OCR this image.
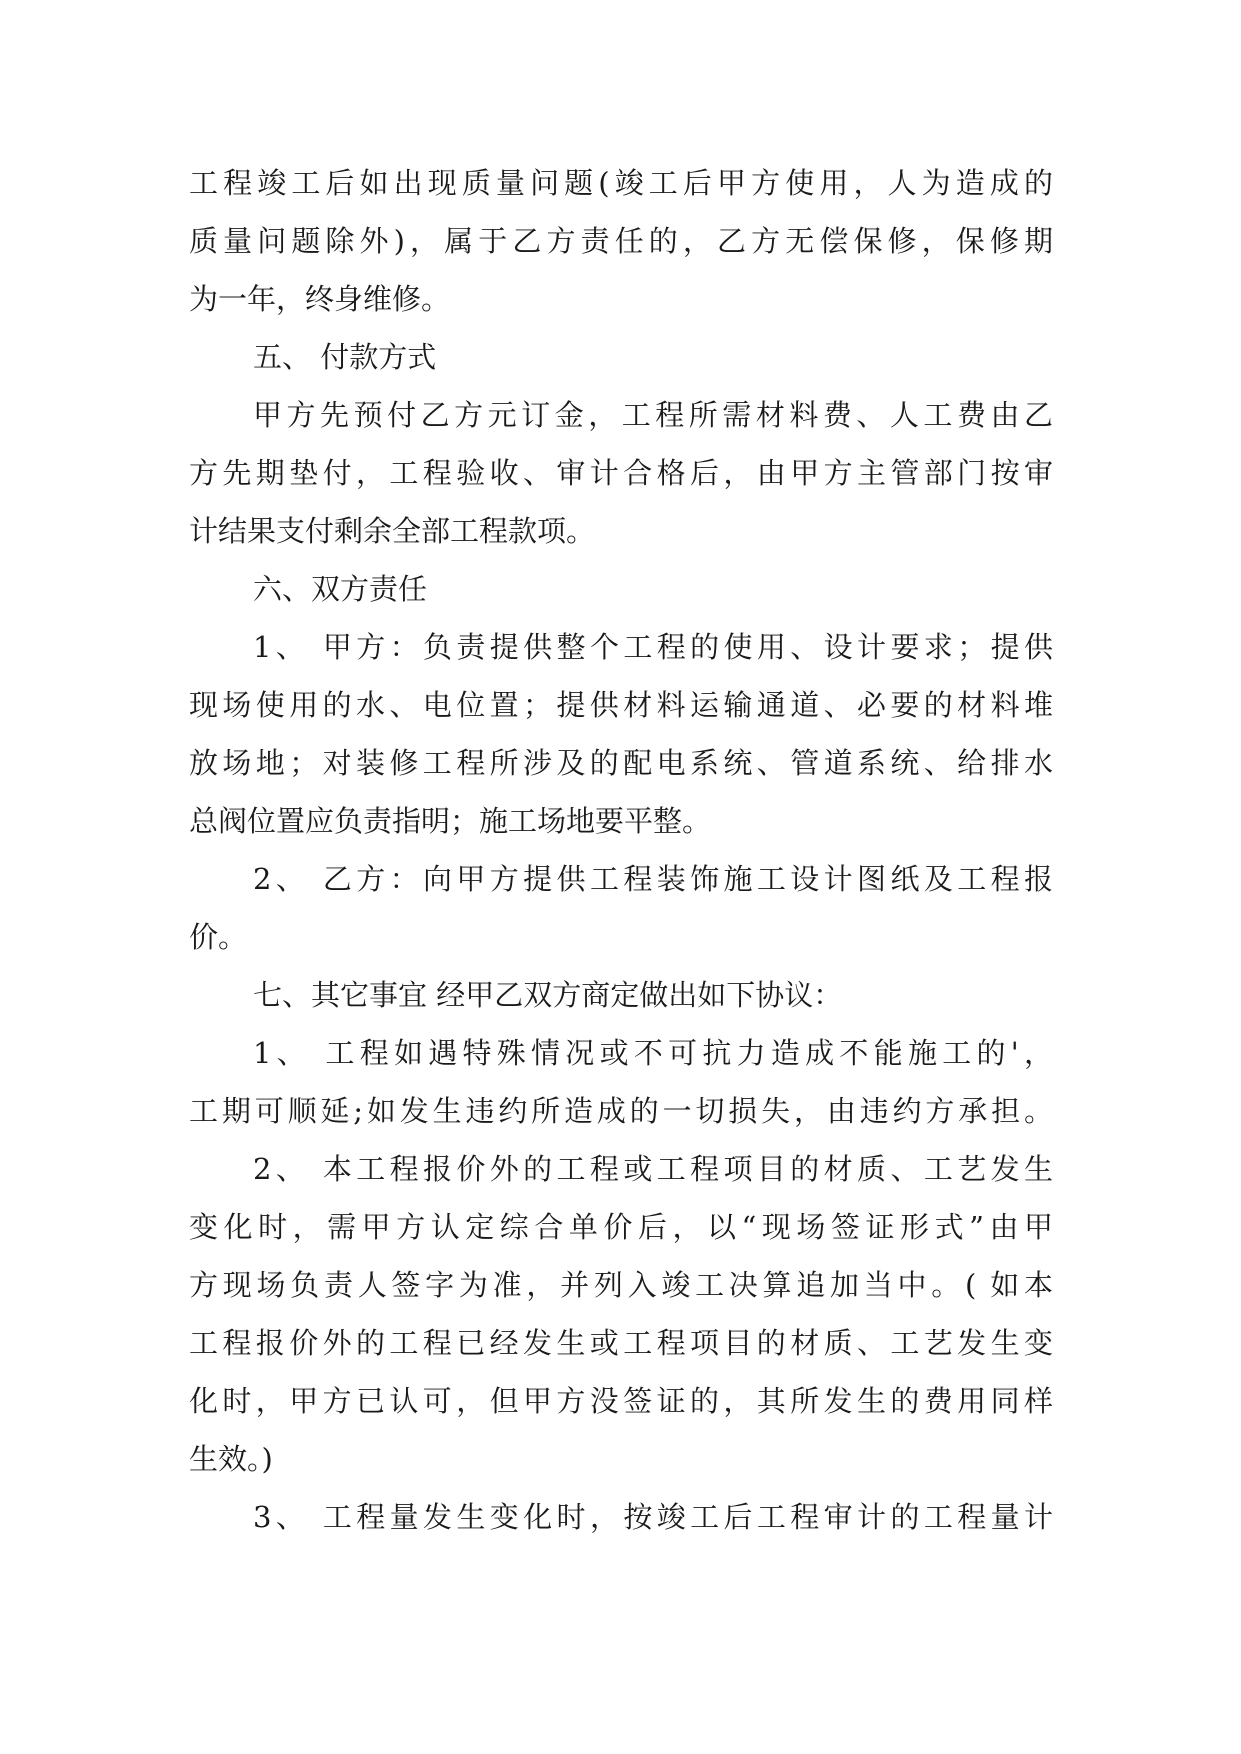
工程竣工后如出现质量问题(竣工后甲方使用，人为造成的
质量问题除外)，属于乙方责任的，乙方无偿保修，保修期
为一年，终身维修。
五、 付款方式
甲方先预付乙方元订金，工程所需材料费、人工费由乙
方先期垫付，工程验收、审计合格后，由甲方主管部门按审
计结果支付剩余全部工程款项。
六、双方责任
1、 甲方：负责提供整个工程的使用、设计要求；提供
现场使用的水、电位置；提供材料运输通道、必要的材料堆
放场地；对装修工程所涉及的配电系统、管道系统、给排水
总阀位置应负责指明；施工场地要平整。
2、 乙方：向甲方提供工程装饰施工设计图纸及工程报
价。
七、其它事宜 经甲乙双方商定做出如下协议：
1、 工程如遇特殊情况或不可抗力造成不能施工的'，
工期可顺延;如发生违约所造成的一切损失，由违约方承担。
2、 本工程报价外的工程或工程项目的材质、工艺发生
变化时，需甲方认定综合单价后，以“现场签证形式”由甲
方现场负责人签字为准，并列入竣工决算追加当中。( 如本
工程报价外的工程已经发生或工程项目的材质、工艺发生变
化时，甲方已认可，但甲方没签证的，其所发生的费用同样
生效。)
3、 工程量发生变化时，按竣工后工程审计的工程量计
